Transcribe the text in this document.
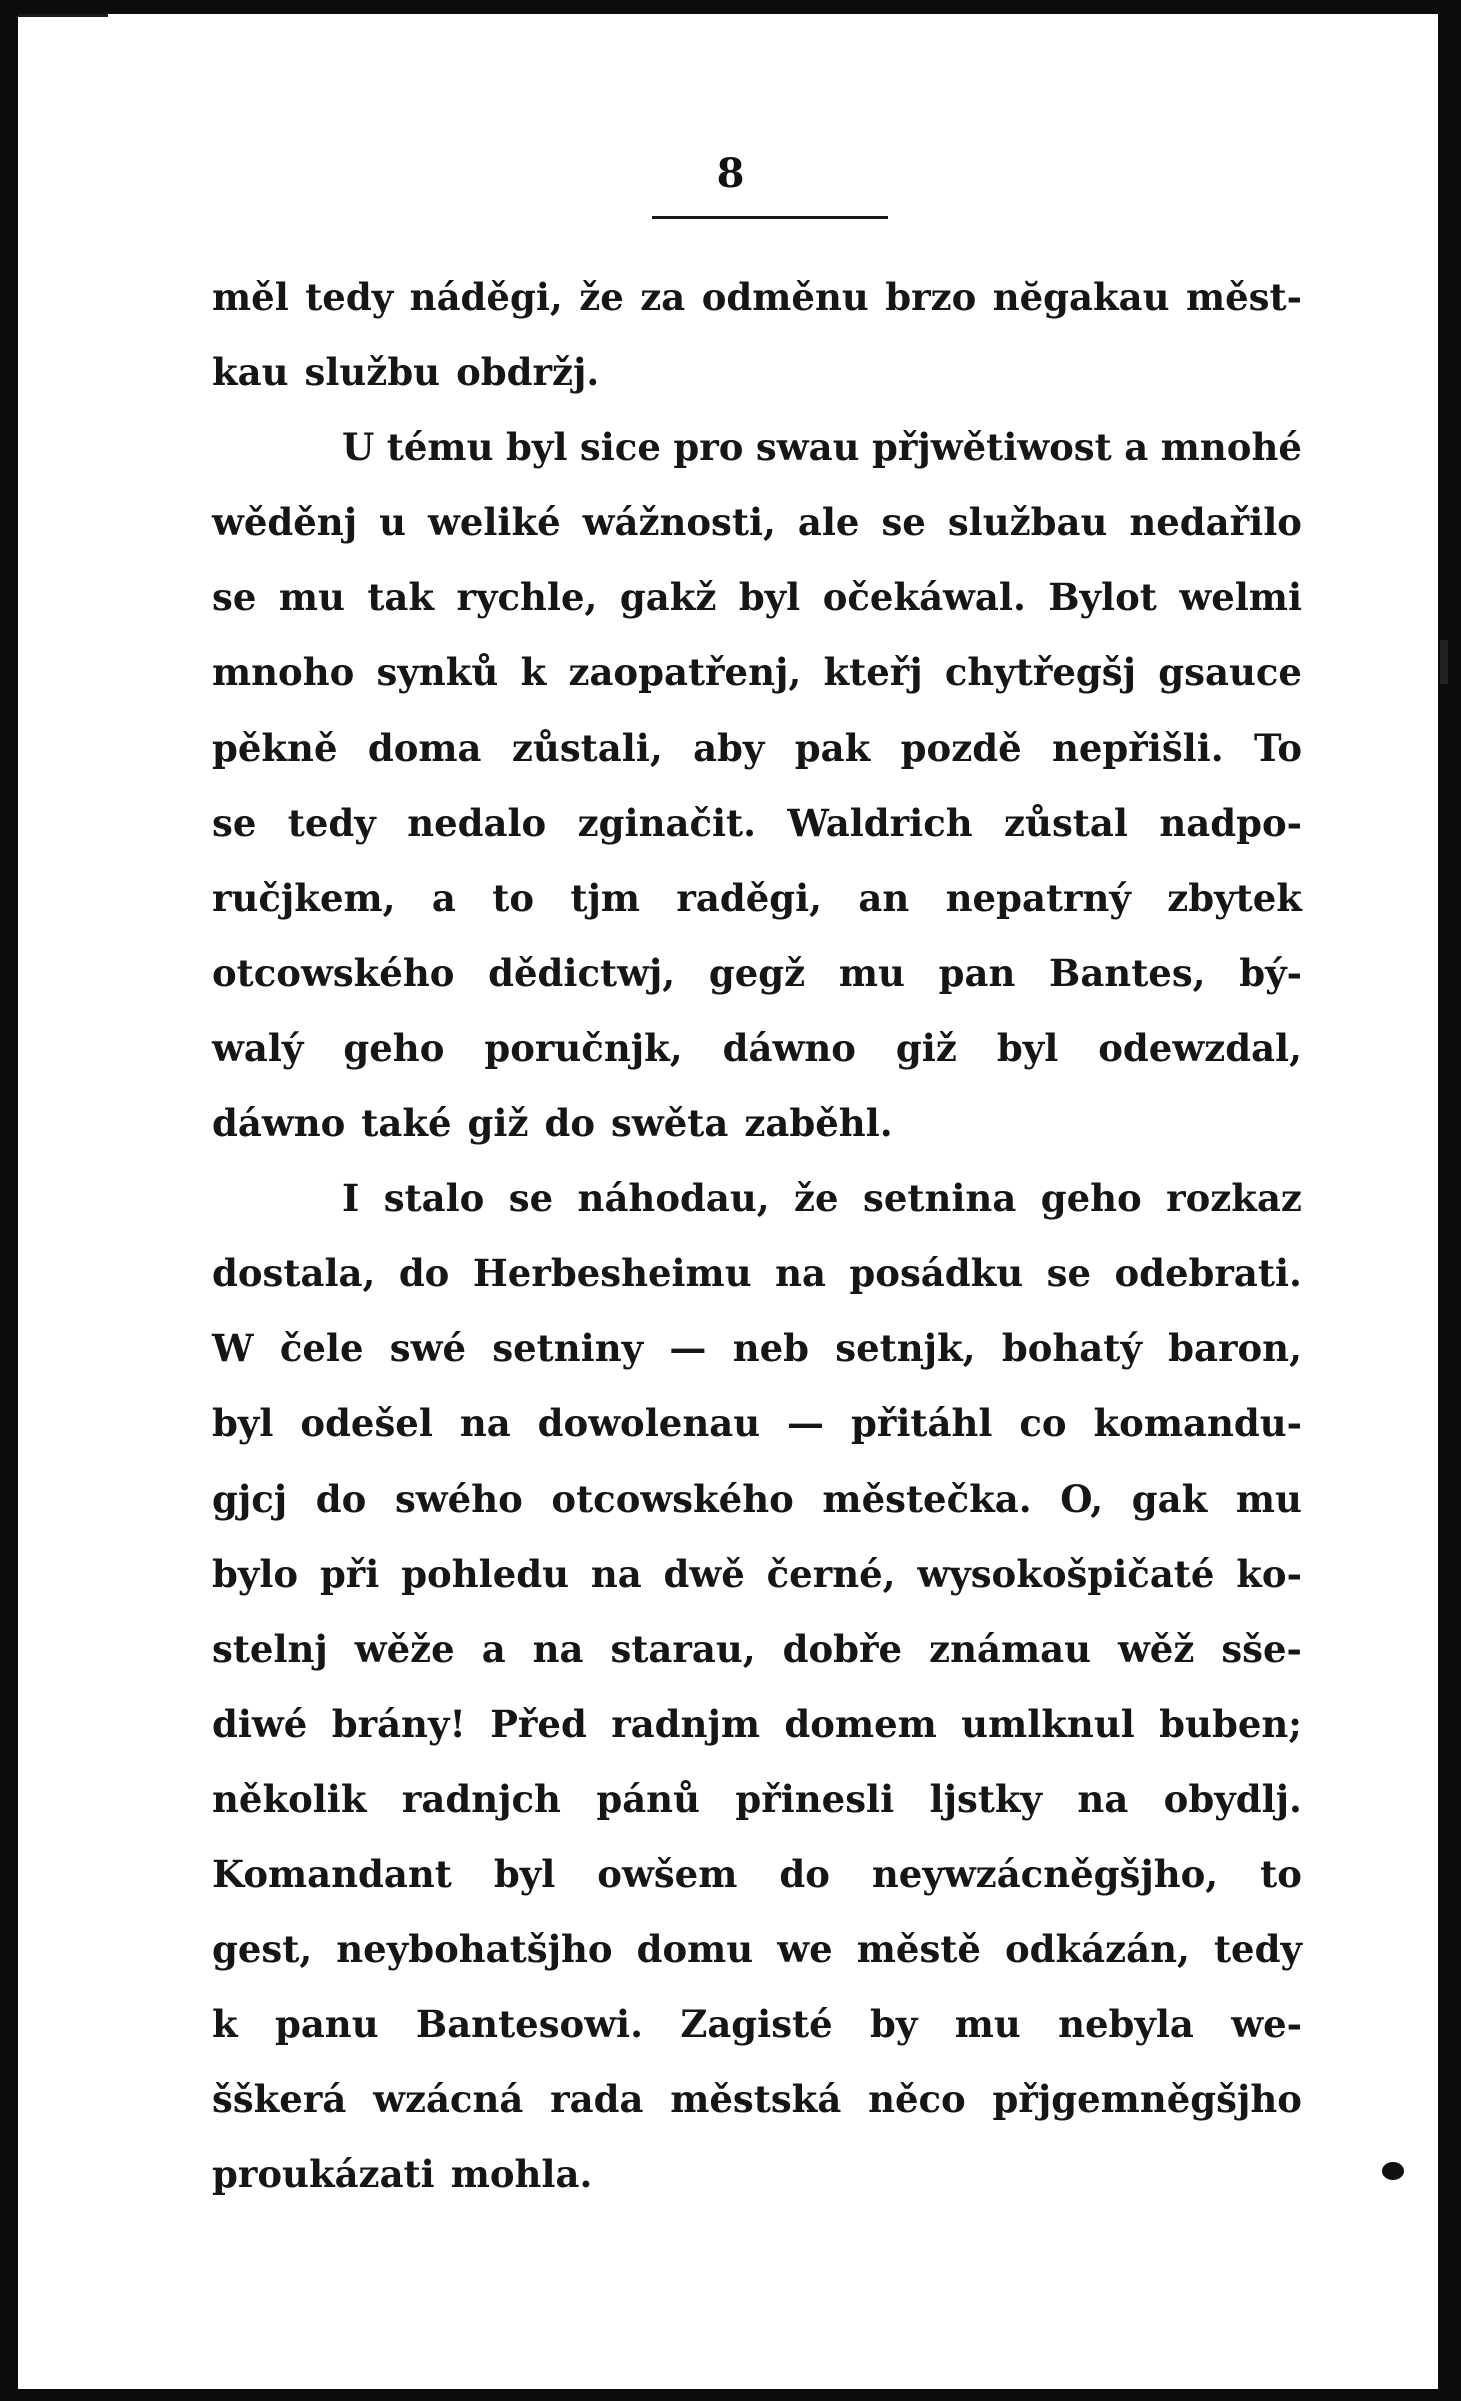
8
měl tedy náděgi, že za odměnu brzo nĕgakau měst-
kau službu obdržj.
U tému byl sice pro swau přjwětiwost a mnohé
wěděnj u weliké wážnosti, ale se službau nedařilo
se mu tak rychle, gakž byl očekáwal. Bylot welmi
mnoho synků k zaopatřenj, kteřj chytřegšj gsauce
pěkně doma zůstali, aby pak pozdě nepřišli. To
se tedy nedalo zginačit. Waldrich zůstal nadpo-
ručjkem, a to tjm raděgi, an nepatrný zbytek
otcowského dědictwj, gegž mu pan Bantes, bý-
walý geho poručnjk, dáwno giž byl odewzdal,
dáwno také giž do swěta zaběhl.
I stalo se náhodau, že setnina geho rozkaz
dostala, do Herbesheimu na posádku se odebrati.
W čele swé setniny — neb setnjk, bohatý baron,
byl odešel na dowolenau — přitáhl co komandu-
gjcj do swého otcowského městečka. O, gak mu
bylo při pohledu na dwě černé, wysokošpičaté ko-
stelnj wěže a na starau, dobře známau wěž sše-
diwé brány! Před radnjm domem umlknul buben;
několik radnjch pánů přinesli ljstky na obydlj.
Komandant byl owšem do neywzácněgšjho, to
gest, neybohatšjho domu we městě odkázán, tedy
k panu Bantesowi. Zagisté by mu nebyla we-
šškerá wzácná rada městská něco přjgemněgšjho
proukázati mohla.
